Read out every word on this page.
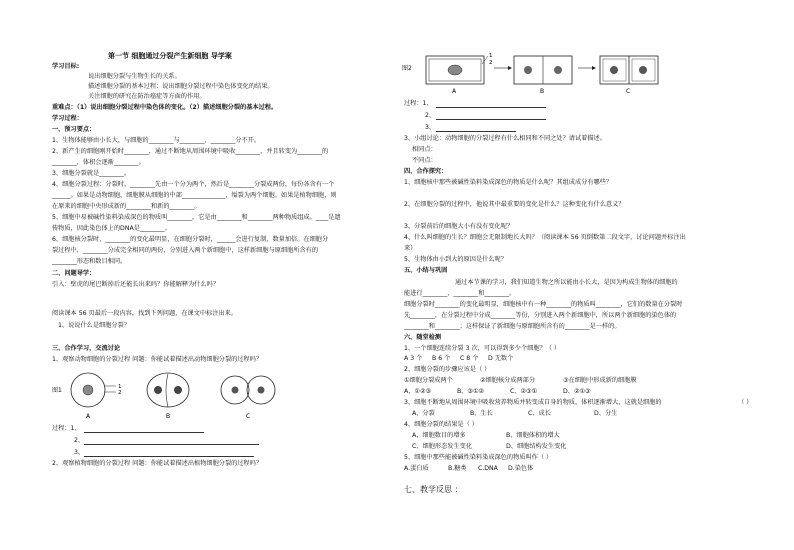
第一节 细胞通过分裂产生新细胞 导学案
学习目标:
说出细胞分裂与生物生长的关系。
描述细胞分裂的基本过程；说出细胞分裂过程中染色体变化的结果。
关注细胞的研究在防治癌症等方面的作用。
重难点：（1）说出细胞分裂过程中染色体的变化。（2）描述细胞分裂的基本过程。
学习过程：
一、预习要点：
1、生物体能够由小长大，与细胞的________与________、________分不开。
2、新产生的细胞刚开始时________，通过不断地从周围环境中吸收________，并且转变为________的
________，体积会逐渐________。
3、细胞分裂就是________。
4、细胞分裂过程：分裂时，________先由一个分为两个，然后是________分裂成两份，每份各含有一个
______。如果是动物细胞，细胞膜从细胞的中部______________，缢裂为两个细胞。如果是植物细胞，则
在原来的细胞中央形成新的________和新的________。
5、细胞中易被碱性染料染成深色的物质叫________，它是由________和________两种物质组成。____是遗
传物质，因此染色体上的DNA是________。
6、细胞核分裂时，________的变化最明显，在细胞分裂时，______会进行复制，数量加倍。在细胞分
裂过程中，________分成完全相同的两份，分别进入两个新细胞中，这样新细胞与原细胞所含有的
________形态和数目相同。
二、问题导学：
引入：壁虎的尾巴断掉后还能长出来吗？你能解释为什么吗？
阅读课本 56 页最后一段内容，找到下列问题，在课文中标注出来。
1、说说什么是细胞分裂？
三、合作学习，交流讨论
1、观察动物细胞的分裂过程 问题：你能试着描述出动物细胞分裂的过程吗？
图1	1
2
A	B	C
过程：1、
2、
3、
2、观察植物细胞的分裂过程 问题：你能试着描述出植物细胞分裂的过程吗？
图2
1
2
A	B	C
过程：1、
2、
3、
3、小组讨论：动物细胞的分裂过程有什么相同和不同之处？请试着描述。
相同点：
不同点：
四、合作探究：
1、细胞核中那些被碱性染料染成深色的物质是什么呢？其组成成分有哪些？
2、在细胞分裂的过程中，他说其中最重要的变化是什么？这种变化有什么意义？
3、分裂前后的细胞大小有没有变化呢？
4、什么叫细胞的生长？细胞会无限制地长大吗？（阅读课本 56 页倒数第二段文字，讨论问题并标注出
来）
5、生物体由小到大的原因是什么呢？
五、小结与巩固
通过本节课的学习，我们知道生物之所以能由小长大，是因为构成生物体的细胞的
能进行________、________和________。
细胞分裂时________的变化最明显，细胞核中有一种________的物质叫________，它们的数量在分裂时
先________，在分裂过程中分成________等份，分别进入两个新细胞中，所以两个新细胞的染色体的
________和________；这样保证了新细胞与原细胞所含有的________是一样的。
六、随堂检测
1、一个细胞连续分裂 3 次，可以得到多少个细胞？（ ）
A 3 个 B 6 个 C 8 个 D 无数个
2、细胞分裂的步骤应该是（ ）
①细胞分裂成两个	②细胞核分成两部分	③在细胞中形成新的细胞膜
A、①②③	B、③①②	C、②③①	D、②①③
3、细胞不断地从周围环境中吸收营养物质并转变成自身的物质，体积逐渐增大，这就是细胞的	（ ）
A、分裂	B、生长	C、成长	D、分生
4、细胞分裂的结果是（ ）
A、细胞数目的增多	B、细胞体积的增大
C、细胞形态发生变化	D、细胞结构发生变化
5、细胞中那些能被碱性染料染成深色的物质叫作（ ）
A.蛋白质	B.糖类 C.DNA D.染色体
七、教学反思 ：
